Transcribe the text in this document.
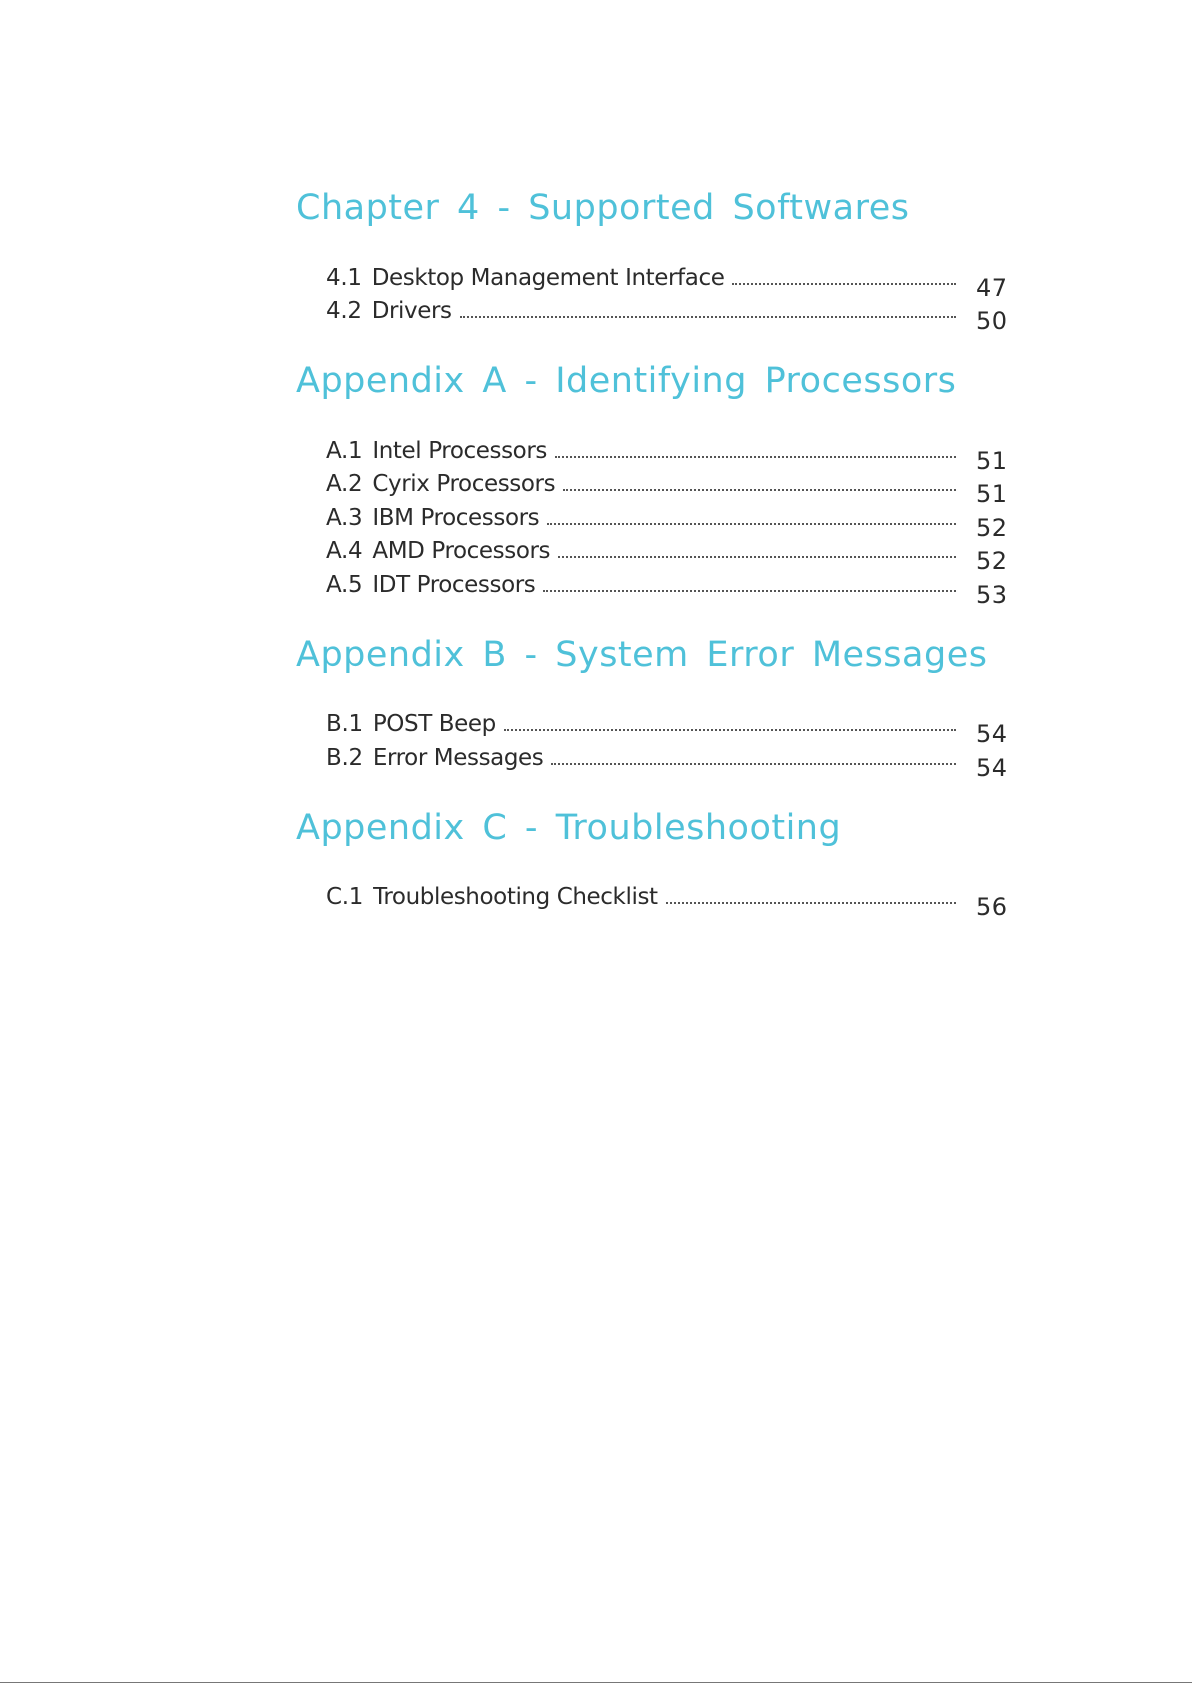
Chapter 4 - Supported Softwares
4.1 Desktop Management Interface	47
4.2 Drivers	50
Appendix A - Identifying Processors
A.1 Intel Processors	51
A.2 Cyrix Processors	51
A.3 IBM Processors	52
A.4 AMD Processors	52
A.5 IDT Processors	53
Appendix B - System Error Messages
B.1 POST Beep	54
B.2 Error Messages	54
Appendix C - Troubleshooting
C.1 Troubleshooting Checklist	56
